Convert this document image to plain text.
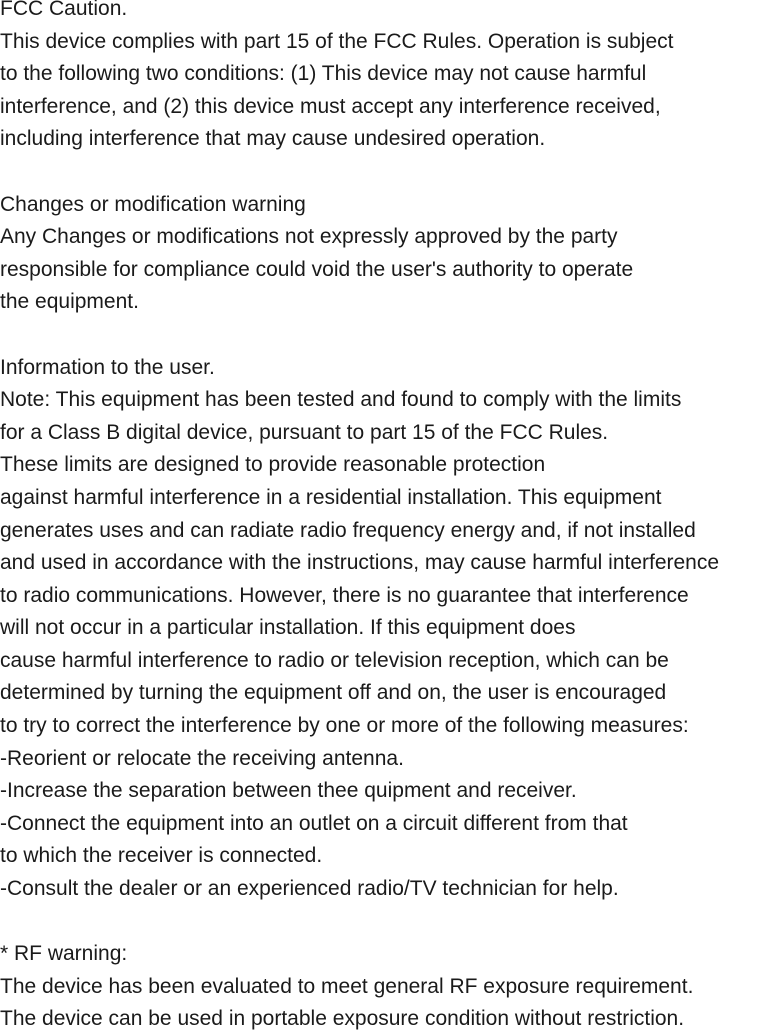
FCC Caution.
This device complies with part 15 of the FCC Rules. Operation is subject
to the following two conditions: (1) This device may not cause harmful
interference, and (2) this device must accept any interference received,
including interference that may cause undesired operation.
Changes or modification warning
Any Changes or modifications not expressly approved by the party
responsible for compliance could void the user's authority to operate
the equipment.
Information to the user.
Note: This equipment has been tested and found to comply with the limits
for a Class B digital device, pursuant to part 15 of the FCC Rules.
These limits are designed to provide reasonable protection
against harmful interference in a residential installation. This equipment
generates uses and can radiate radio frequency energy and, if not installed
and used in accordance with the instructions, may cause harmful interference
to radio communications. However, there is no guarantee that interference
will not occur in a particular installation. If this equipment does
cause harmful interference to radio or television reception, which can be
determined by turning the equipment off and on, the user is encouraged
to try to correct the interference by one or more of the following measures:
-Reorient or relocate the receiving antenna.
-Increase the separation between thee quipment and receiver.
-Connect the equipment into an outlet on a circuit different from that
to which the receiver is connected.
-Consult the dealer or an experienced radio/TV technician for help.
* RF warning:
The device has been evaluated to meet general RF exposure requirement.
The device can be used in portable exposure condition without restriction.
